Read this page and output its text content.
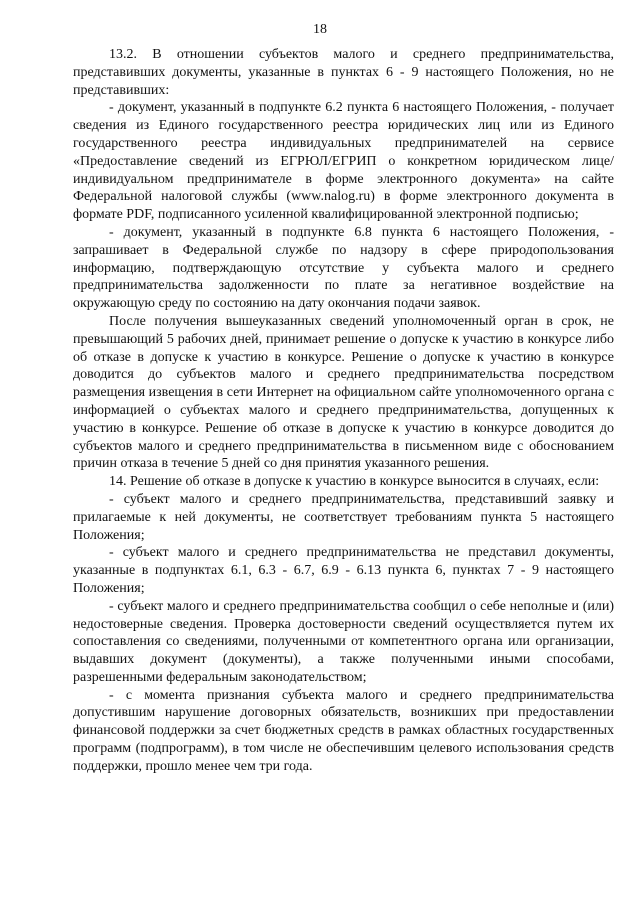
18

13.2. В отношении субъектов малого и среднего предпринимательства, представивших документы, указанные в пунктах 6 - 9 настоящего Положения, но не представивших:

- документ, указанный в подпункте 6.2 пункта 6 настоящего Положения, - получает сведения из Единого государственного реестра юридических лиц или из Единого государственного реестра индивидуальных предпринимателей на сервисе «Предоставление сведений из ЕГРЮЛ/ЕГРИП о конкретном юридическом лице/индивидуальном предпринимателе в форме электронного документа» на сайте Федеральной налоговой службы (www.nalog.ru) в форме электронного документа в формате PDF, подписанного усиленной квалифицированной электронной подписью;

- документ, указанный в подпункте 6.8 пункта 6 настоящего Положения, - запрашивает в Федеральной службе по надзору в сфере природопользования информацию, подтверждающую отсутствие у субъекта малого и среднего предпринимательства задолженности по плате за негативное воздействие на окружающую среду по состоянию на дату окончания подачи заявок.

После получения вышеуказанных сведений уполномоченный орган в срок, не превышающий 5 рабочих дней, принимает решение о допуске к участию в конкурсе либо об отказе в допуске к участию в конкурсе. Решение о допуске к участию в конкурсе доводится до субъектов малого и среднего предпринимательства посредством размещения извещения в сети Интернет на официальном сайте уполномоченного органа с информацией о субъектах малого и среднего предпринимательства, допущенных к участию в конкурсе. Решение об отказе в допуске к участию в конкурсе доводится до субъектов малого и среднего предпринимательства в письменном виде с обоснованием причин отказа в течение 5 дней со дня принятия указанного решения.

14. Решение об отказе в допуске к участию в конкурсе выносится в случаях, если:

- субъект малого и среднего предпринимательства, представивший заявку и прилагаемые к ней документы, не соответствует требованиям пункта 5 настоящего Положения;

- субъект малого и среднего предпринимательства не представил документы, указанные в подпунктах 6.1, 6.3 - 6.7, 6.9 - 6.13 пункта 6, пунктах 7 - 9 настоящего Положения;

- субъект малого и среднего предпринимательства сообщил о себе неполные и (или) недостоверные сведения. Проверка достоверности сведений осуществляется путем их сопоставления со сведениями, полученными от компетентного органа или организации, выдавших документ (документы), а также полученными иными способами, разрешенными федеральным законодательством;

- с момента признания субъекта малого и среднего предпринимательства допустившим нарушение договорных обязательств, возникших при предоставлении финансовой поддержки за счет бюджетных средств в рамках областных государственных программ (подпрограмм), в том числе не обеспечившим целевого использования средств поддержки, прошло менее чем три года.
